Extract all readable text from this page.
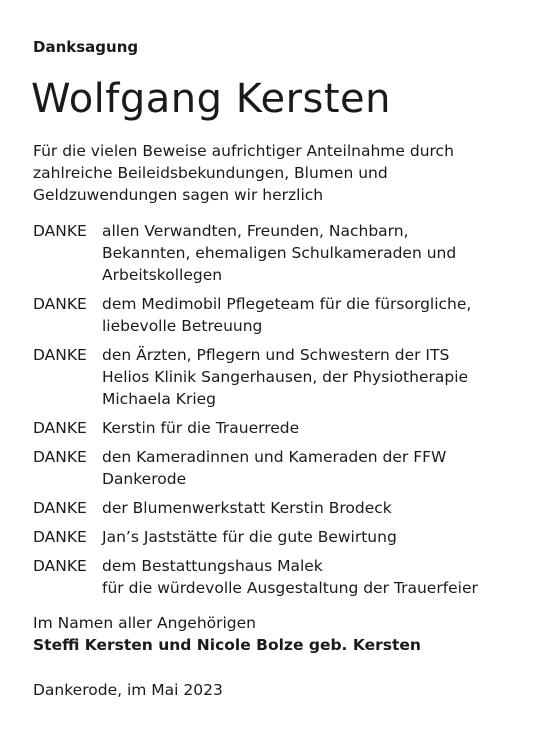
Danksagung
Wolfgang Kersten
Für die vielen Beweise aufrichtiger Anteilnahme durch zahlreiche Beileidsbekundungen, Blumen und Geldzuwendungen sagen wir herzlich
DANKE allen Verwandten, Freunden, Nachbarn,
Bekannten, ehemaligen Schulkameraden und
Arbeitskollegen
DANKE dem Medimobil Pflegeteam für die fürsorgliche,
liebevolle Betreuung
DANKE den Ärzten, Pflegern und Schwestern der ITS
Helios Klinik Sangerhausen, der Physiotherapie
Michaela Krieg
DANKE Kerstin für die Trauerrede
DANKE den Kameradinnen und Kameraden der FFW
Dankerode
DANKE der Blumenwerkstatt Kerstin Brodeck
DANKE Jan’s Jaststätte für die gute Bewirtung
DANKE dem Bestattungshaus Malek
für die würdevolle Ausgestaltung der Trauerfeier
Im Namen aller Angehörigen
Steffi Kersten und Nicole Bolze geb. Kersten
Dankerode, im Mai 2023
